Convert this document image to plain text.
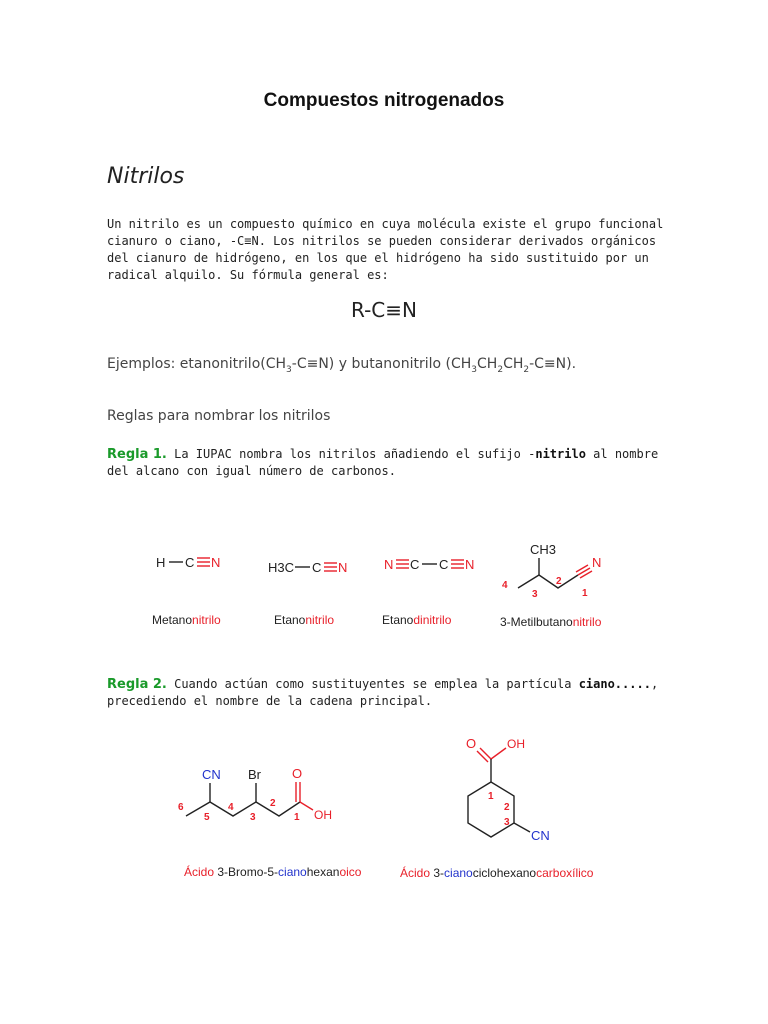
Compuestos nitrogenados
Nitrilos
Un nitrilo es un compuesto químico en cuya molécula existe el grupo funcional cianuro o ciano, -C≡N. Los nitrilos se pueden considerar derivados orgánicos del cianuro de hidrógeno, en los que el hidrógeno ha sido sustituido por un radical alquilo. Su fórmula general es:
R-C≡N
Ejemplos: $etanonitrilo(CH_3-C\equiv N)$ y butanonitrilo $(CH_3CH_2CH_2-C\equiv N)$.
Reglas para nombrar los nitrilos
Regla 1. La IUPAC nombra los nitrilos añadiendo el sufijo -nitrilo al nombre del alcano con igual número de carbonos.
H C N
Metanonitrilo
H3C C N
Etanonitrilo
N C C N
Etanodinitrilo
CH3
N
4
3
2
1
3-Metilbutanonitrilo
Regla 2. Cuando actúan como sustituyentes se emplea la partícula ciano....., precediendo el nombre de la cadena principal.
CN Br O
OH
6
5
4
3
2
1
Ácido 3-Bromo-5-cianohexanoico
O	OH
CN
1
2
3
Ácido 3-cianociclohexanocarboxílico
